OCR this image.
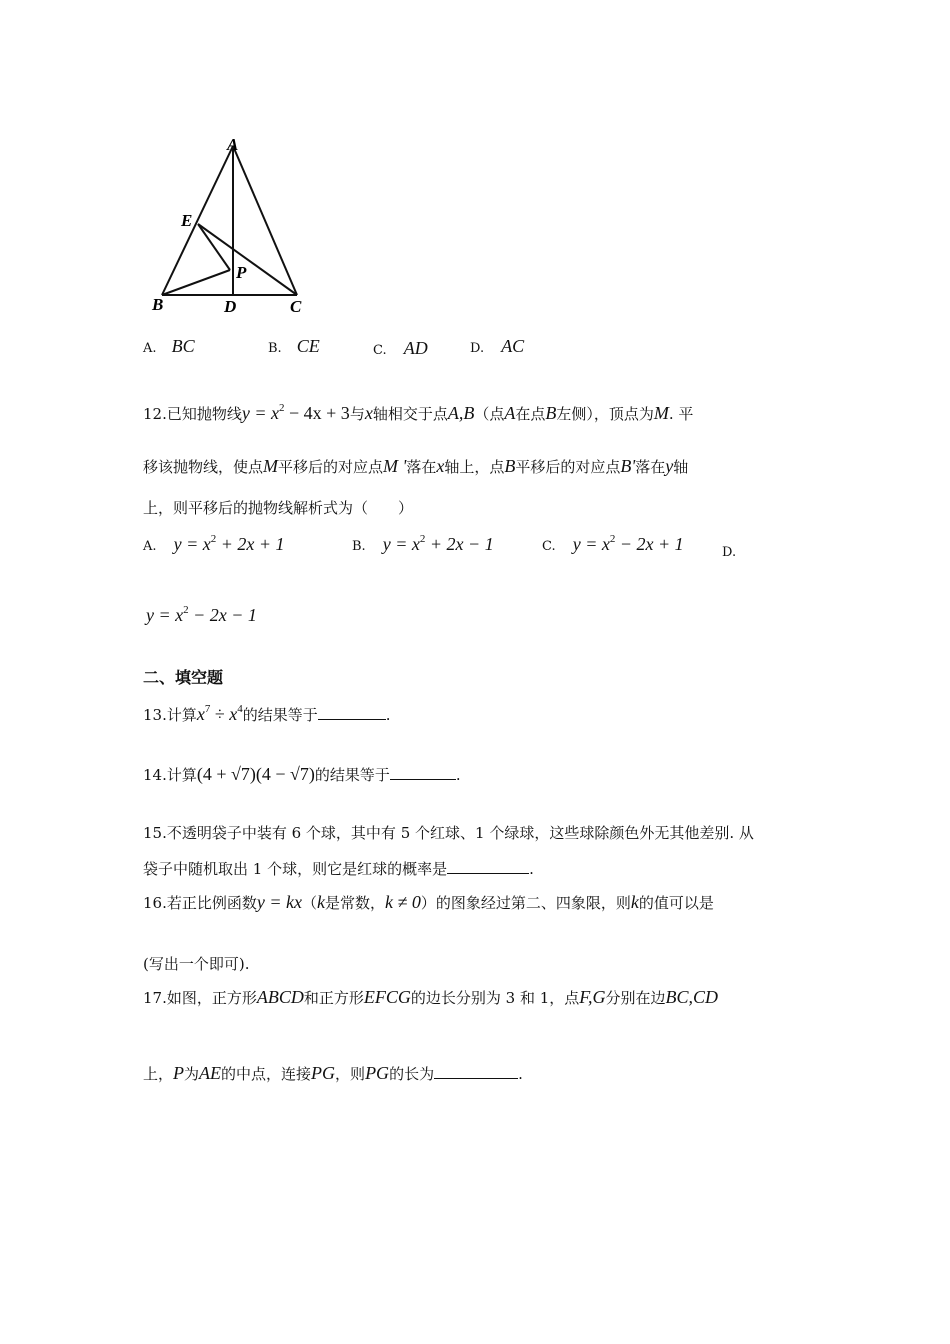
A
E
P
B	D	C
A. BC	B. CE	C. AD	D. AC
12.已知抛物线$y = x^2 - 4x + 3$与x轴相交于点A,B（点A在点B左侧），顶点为M. 平
移该抛物线，使点M平移后的对应点M '落在x轴上，点B平移后的对应点B'落在y轴
上，则平移后的抛物线解析式为（　　）
A. $y = x^2 + 2x + 1$	B. $y = x^2 + 2x - 1$	C. $y = x^2 - 2x + 1$	D.
$y = x^2 - 2x - 1$
二、填空题
13.计算$x^7 \div x^4$的结果等于	.
14.计算(4 + √7)(4 − √7)的结果等于	.
15.不透明袋子中装有 6 个球，其中有 5 个红球、1 个绿球，这些球除颜色外无其他差别. 从
袋子中随机取出 1 个球，则它是红球的概率是	.
16.若正比例函数y = kx（k是常数，k ≠ 0）的图象经过第二、四象限，则k的值可以是
(写出一个即可).
17.如图，正方形ABCD和正方形EFCG的边长分别为 3 和 1，点F,G分别在边BC,CD
上，P为AE的中点，连接PG，则PG的长为	.
